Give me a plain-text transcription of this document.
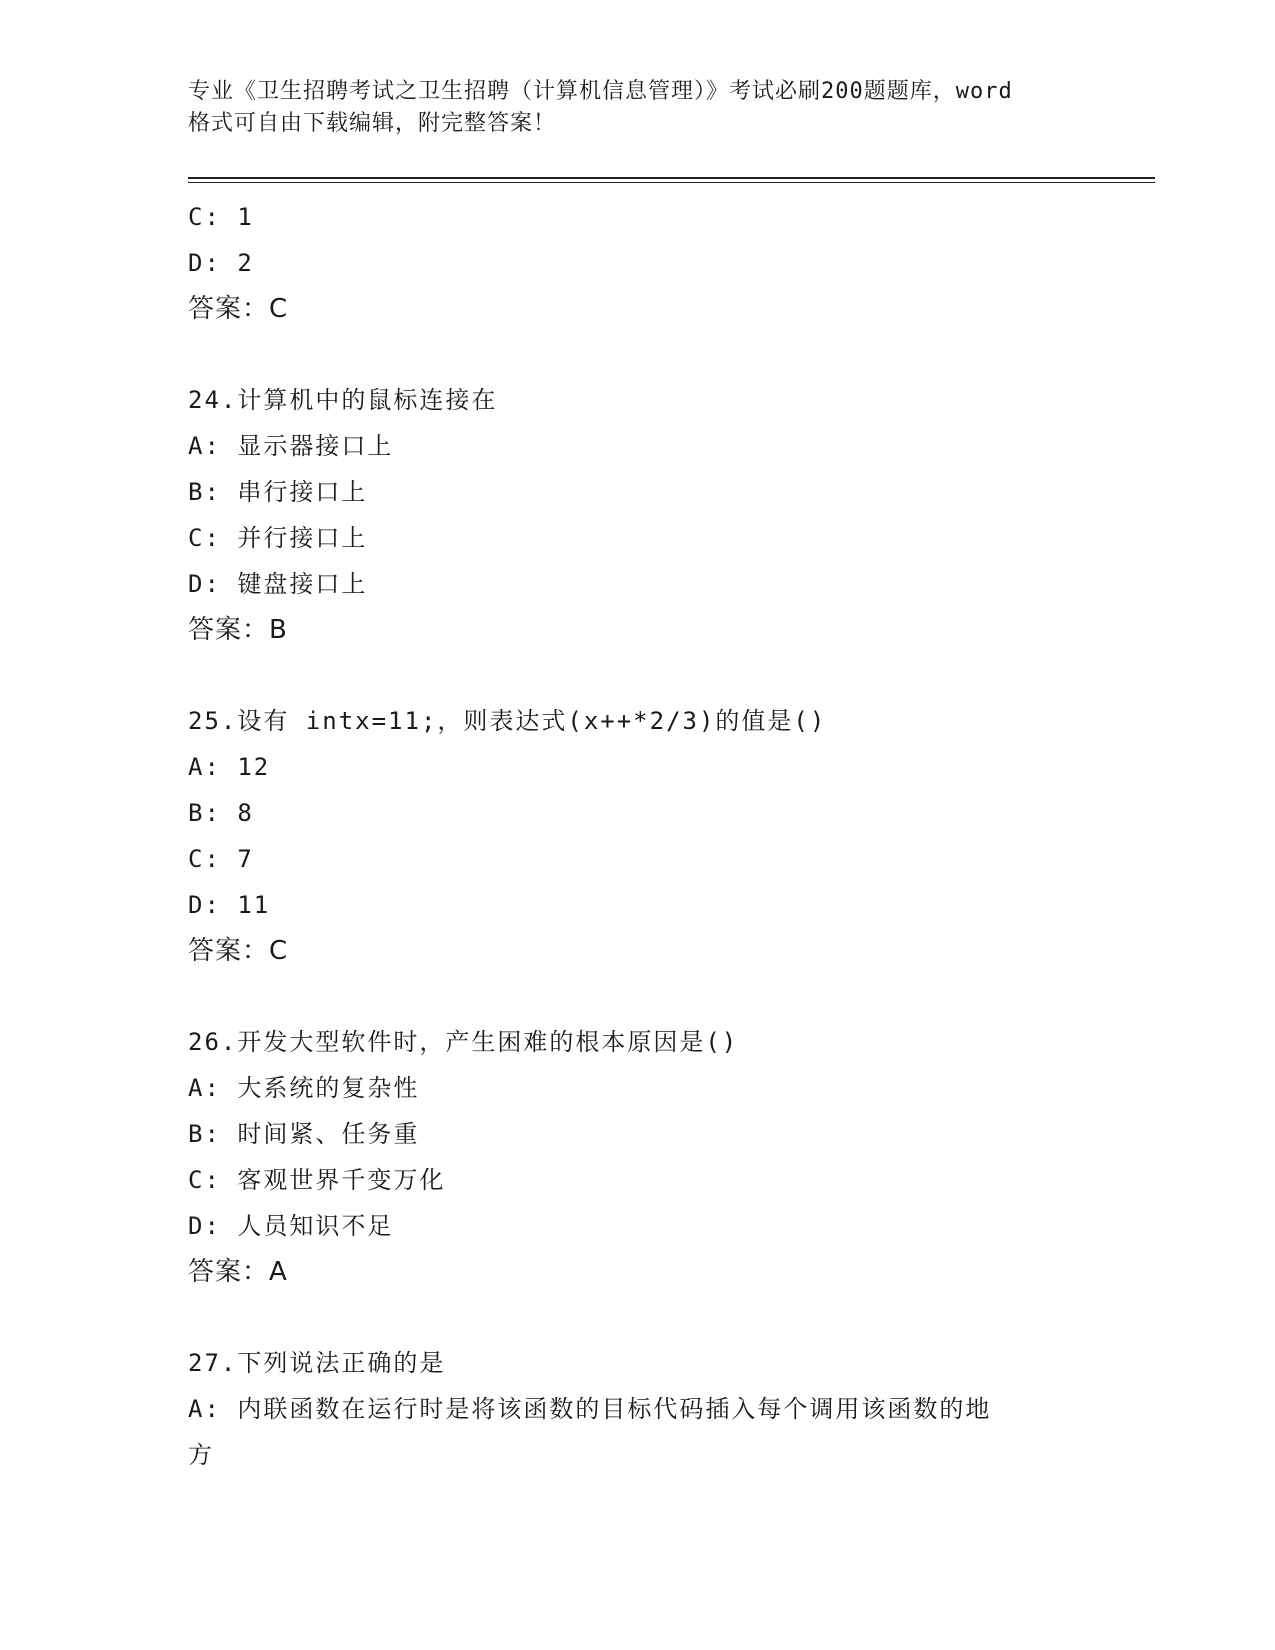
专业《卫生招聘考试之卫生招聘（计算机信息管理）》考试必刷200题题库，word
格式可自由下载编辑，附完整答案！
C: 1
D: 2
答案：C
24.计算机中的鼠标连接在
A: 显示器接口上
B: 串行接口上
C: 并行接口上
D: 键盘接口上
答案：B
25.设有 intx=11;，则表达式(x++*2/3)的值是()
A: 12
B: 8
C: 7
D: 11
答案：C
26.开发大型软件时，产生困难的根本原因是()
A: 大系统的复杂性
B: 时间紧、任务重
C: 客观世界千变万化
D: 人员知识不足
答案：A
27.下列说法正确的是
A: 内联函数在运行时是将该函数的目标代码插入每个调用该函数的地
方
